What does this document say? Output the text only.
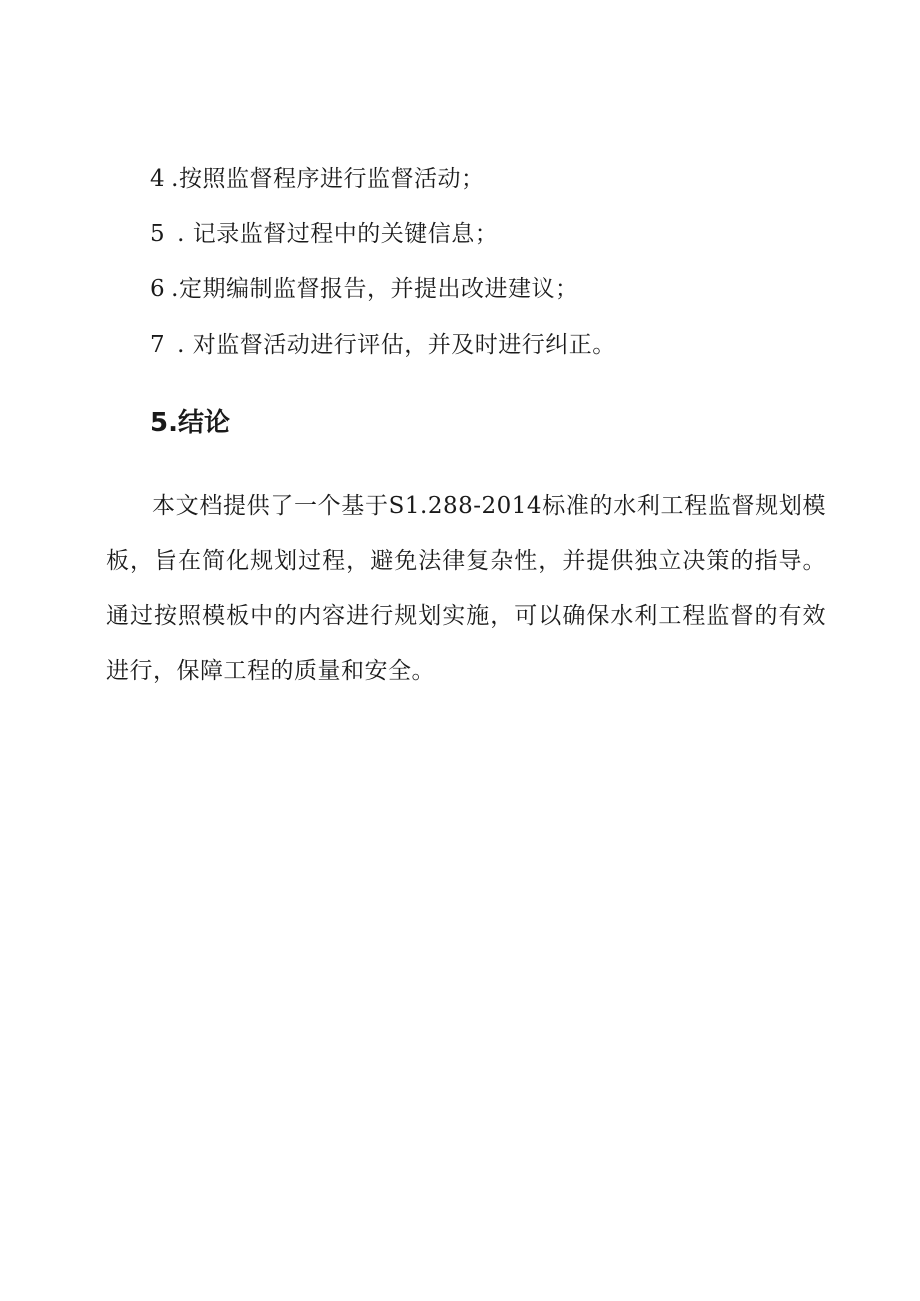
4 .按照监督程序进行监督活动；
5 . 记录监督过程中的关键信息；
6 .定期编制监督报告，并提出改进建议；
7 . 对监督活动进行评估，并及时进行纠正。
5.结论

本文档提供了一个基于S1.288-2014标准的水利工程监督规划模板，旨在简化规划过程，避免法律复杂性，并提供独立决策的指导。通过按照模板中的内容进行规划实施，可以确保水利工程监督的有效进行，保障工程的质量和安全。
